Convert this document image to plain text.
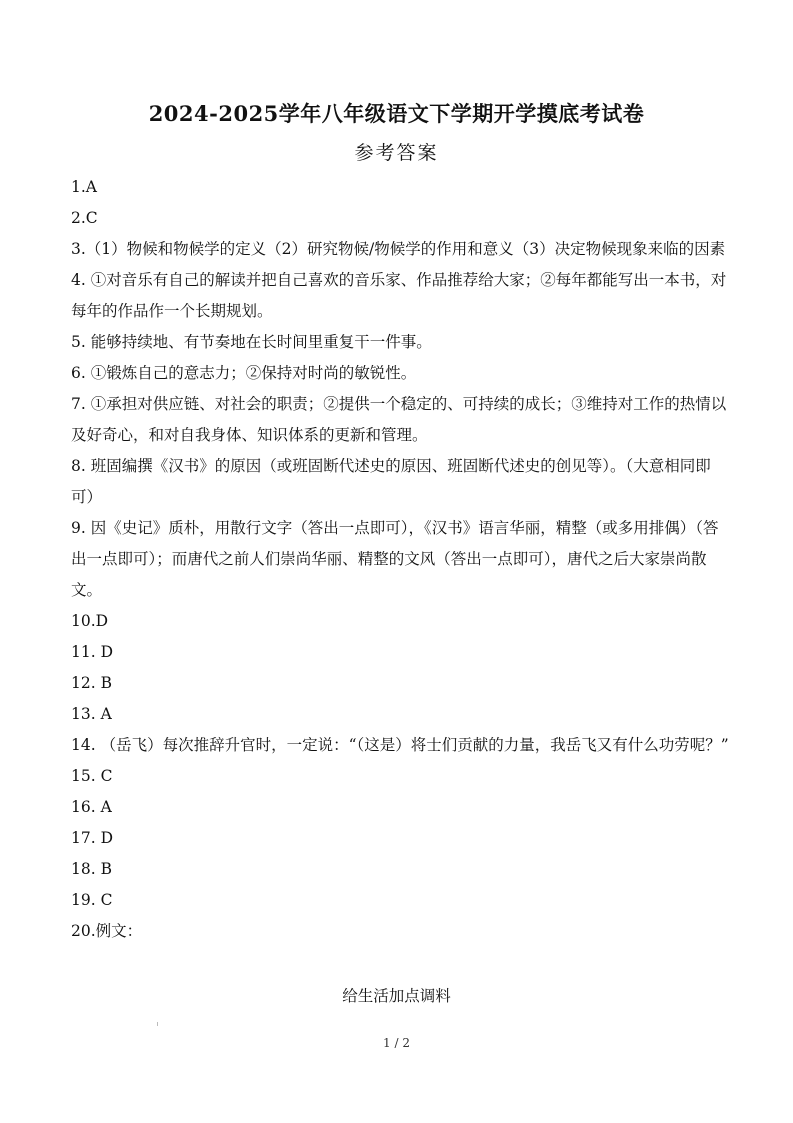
2024-2025学年八年级语文下学期开学摸底考试卷
参考答案
1.A
2.C
3.（1）物候和物候学的定义（2）研究物候/物候学的作用和意义（3）决定物候现象来临的因素
4. ①对音乐有自己的解读并把自己喜欢的音乐家、作品推荐给大家；②每年都能写出一本书，对每年的作品作一个长期规划。
5. 能够持续地、有节奏地在长时间里重复干一件事。
6. ①锻炼自己的意志力；②保持对时尚的敏锐性。
7. ①承担对供应链、对社会的职责；②提供一个稳定的、可持续的成长；③维持对工作的热情以及好奇心，和对自我身体、知识体系的更新和管理。
8. 班固编撰《汉书》的原因（或班固断代述史的原因、班固断代述史的创见等）。（大意相同即可）
9. 因《史记》质朴，用散行文字（答出一点即可），《汉书》语言华丽，精整（或多用排偶）（答出一点即可）；而唐代之前人们崇尚华丽、精整的文风（答出一点即可），唐代之后大家崇尚散文。
10.D
11. D
12. B
13. A
14. （岳飞）每次推辞升官时，一定说：“（这是）将士们贡献的力量，我岳飞又有什么功劳呢？”
15. C
16. A
17. D
18. B
19. C
20.例文：
给生活加点调料
1 / 2
